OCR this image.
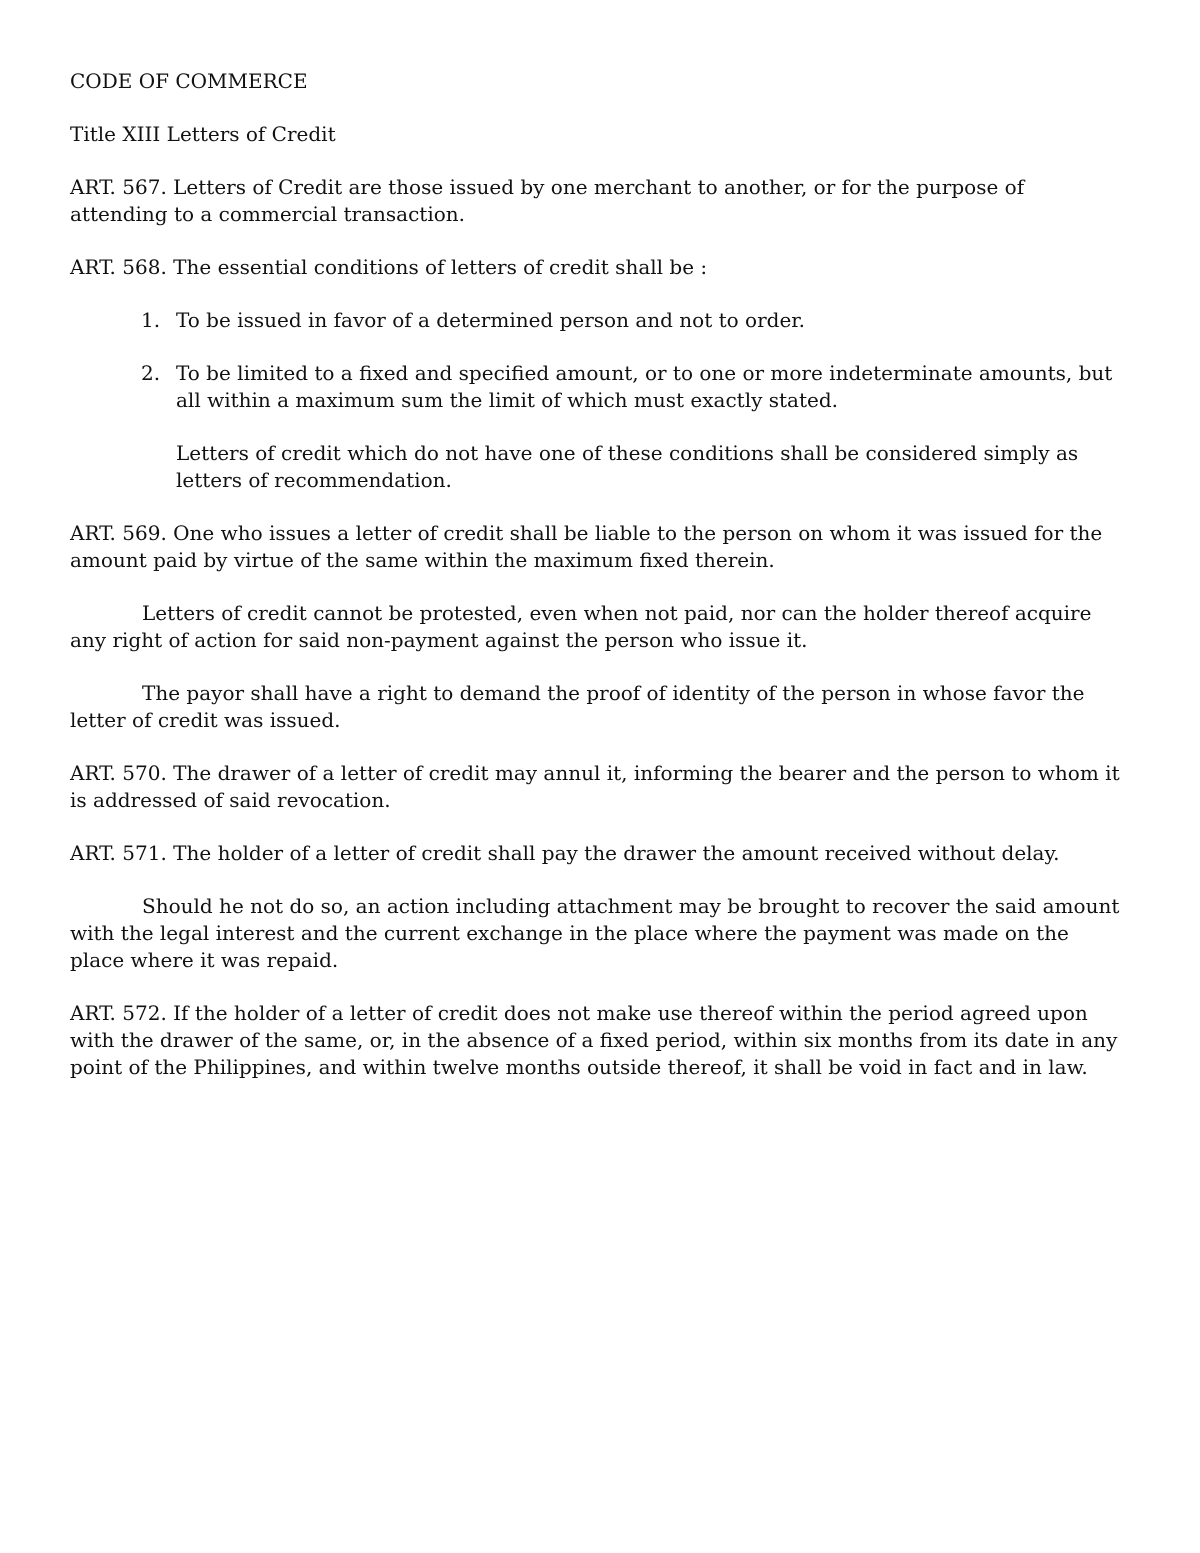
CODE OF COMMERCE

Title XIII Letters of Credit

ART. 567. Letters of Credit are those issued by one merchant to another, or for the purpose of attending to a commercial transaction.

ART. 568. The essential conditions of letters of credit shall be :

1. To be issued in favor of a determined person and not to order.
2. To be limited to a fixed and specified amount, or to one or more indeterminate amounts, but all within a maximum sum the limit of which must exactly stated.

Letters of credit which do not have one of these conditions shall be considered simply as letters of recommendation.

ART. 569. One who issues a letter of credit shall be liable to the person on whom it was issued for the amount paid by virtue of the same within the maximum fixed therein.

Letters of credit cannot be protested, even when not paid, nor can the holder thereof acquire any right of action for said non-payment against the person who issue it.

The payor shall have a right to demand the proof of identity of the person in whose favor the letter of credit was issued.

ART. 570. The drawer of a letter of credit may annul it, informing the bearer and the person to whom it is addressed of said revocation.

ART. 571. The holder of a letter of credit shall pay the drawer the amount received without delay.

Should he not do so, an action including attachment may be brought to recover the said amount with the legal interest and the current exchange in the place where the payment was made on the place where it was repaid.

ART. 572. If the holder of a letter of credit does not make use thereof within the period agreed upon with the drawer of the same, or, in the absence of a fixed period, within six months from its date in any point of the Philippines, and within twelve months outside thereof, it shall be void in fact and in law.
